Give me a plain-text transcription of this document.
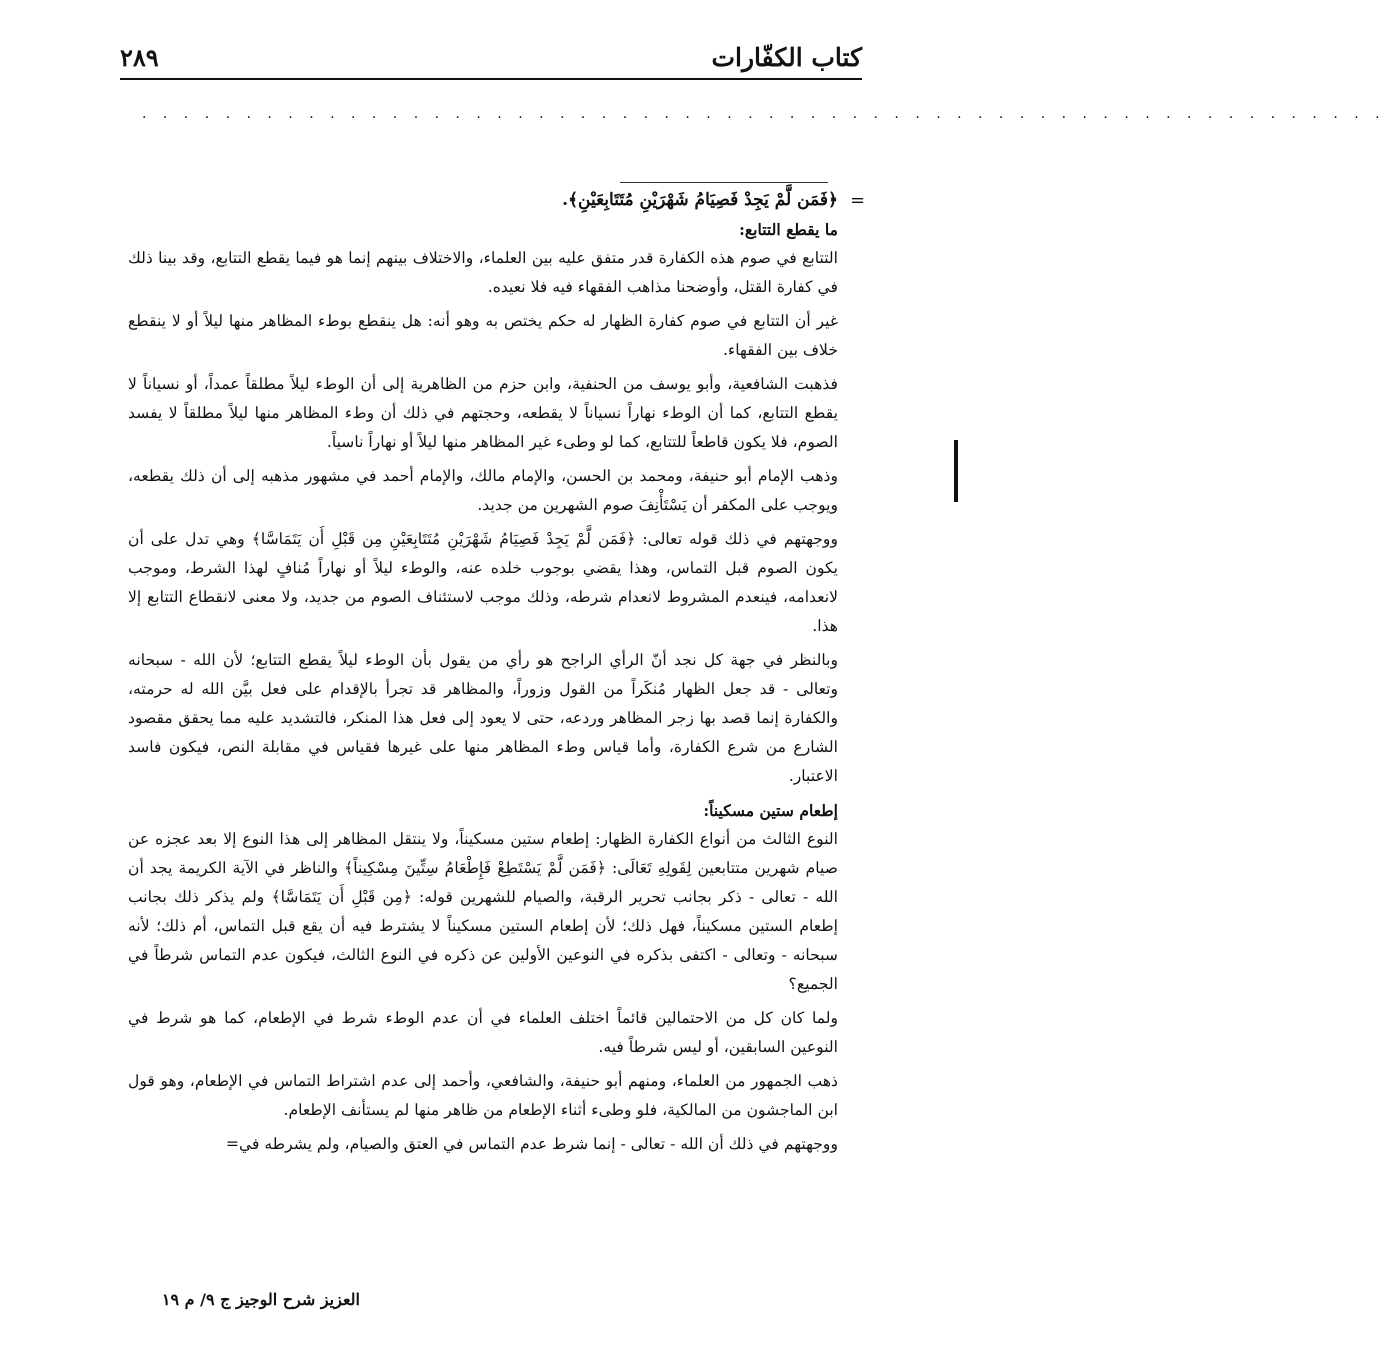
كتاب الكفّارات
٢٨٩
. . . . . . . . . . . . . . . . . . . . . . . . . . . . . . . . . . . . . . . . . . . . . . . . . . . . . . . . . . . .
=

﴿فَمَن لَّمْ يَجِدْ فَصِيَامُ شَهْرَيْنِ مُتَتَابِعَيْنِ﴾.

ما يقطع التتابع:

التتابع في صوم هذه الكفارة قدر متفق عليه بين العلماء، والاختلاف بينهم إنما هو فيما يقطع التتابع، وقد بينا ذلك في كفارة القتل، وأوضحنا مذاهب الفقهاء فيه فلا نعيده.

غير أن التتابع في صوم كفارة الظهار له حكم يختص به وهو أنه: هل ينقطع بوطء المظاهر منها ليلاً أو لا ينقطع خلاف بين الفقهاء.

فذهبت الشافعية، وأبو يوسف من الحنفية، وابن حزم من الظاهرية إلى أن الوطء ليلاً مطلقاً عمداً، أو نسياناً لا يقطع التتابع، كما أن الوطء نهاراً نسياناً لا يقطعه، وحجتهم في ذلك أن وطء المظاهر منها ليلاً مطلقاً لا يفسد الصوم، فلا يكون قاطعاً للتتابع، كما لو وطىء غير المظاهر منها ليلاً أو نهاراً ناسياً.

وذهب الإمام أبو حنيفة، ومحمد بن الحسن، والإمام مالك، والإمام أحمد في مشهور مذهبه إلى أن ذلك يقطعه، ويوجب على المكفر أن يَسْتَأْنِفَ صوم الشهرين من جديد.

ووجهتهم في ذلك قوله تعالى: ﴿فَمَن لَّمْ يَجِدْ فَصِيَامُ شَهْرَيْنِ مُتَتَابِعَيْنِ مِن قَبْلِ أَن يَتَمَاسَّا﴾ وهي تدل على أن يكون الصوم قبل التماس، وهذا يقضي بوجوب خلده عنه، والوطء ليلاً أو نهاراً مُنافٍ لهذا الشرط، وموجب لانعدامه، فينعدم المشروط لانعدام شرطه، وذلك موجب لاستئناف الصوم من جديد، ولا معنى لانقطاع التتابع إلا هذا.

وبالنظر في جهة كل نجد أنّ الرأي الراجح هو رأي من يقول بأن الوطء ليلاً يقطع التتابع؛ لأن الله - سبحانه وتعالى - قد جعل الظهار مُنكَراً من القول وزوراً، والمظاهر قد تجرأ بالإقدام على فعل بيَّن الله له حرمته، والكفارة إنما قصد بها زجر المظاهر وردعه، حتى لا يعود إلى فعل هذا المنكر، فالتشديد عليه مما يحقق مقصود الشارع من شرع الكفارة، وأما قياس وطء المظاهر منها على غيرها فقياس في مقابلة النص، فيكون فاسد الاعتبار.

إطعام ستين مسكيناً:

النوع الثالث من أنواع الكفارة الظهار: إطعام ستين مسكيناً، ولا ينتقل المظاهر إلى هذا النوع إلا بعد عجزه عن صيام شهرين متتابعين لِقَولِهِ تَعَالَى: ﴿فَمَن لَّمْ يَسْتَطِعْ فَإِطْعَامُ سِتِّينَ مِسْكِيناً﴾ والناظر في الآية الكريمة يجد أن الله - تعالى - ذكر بجانب تحرير الرقبة، والصيام للشهرين قوله: ﴿مِن قَبْلِ أَن يَتَمَاسَّا﴾ ولم يذكر ذلك بجانب إطعام الستين مسكيناً، فهل ذلك؛ لأن إطعام الستين مسكيناً لا يشترط فيه أن يقع قبل التماس، أم ذلك؛ لأنه سبحانه - وتعالى - اكتفى بذكره في النوعين الأولين عن ذكره في النوع الثالث، فيكون عدم التماس شرطاً في الجميع؟

ولما كان كل من الاحتمالين قائماً اختلف العلماء في أن عدم الوطء شرط في الإطعام، كما هو شرط في النوعين السابقين، أو ليس شرطاً فيه.

ذهب الجمهور من العلماء، ومنهم أبو حنيفة، والشافعي، وأحمد إلى عدم اشتراط التماس في الإطعام، وهو قول ابن الماجشون من المالكية، فلو وطىء أثناء الإطعام من ظاهر منها لم يستأنف الإطعام.

ووجهتهم في ذلك أن الله - تعالى - إنما شرط عدم التماس في العتق والصيام، ولم يشرطه في=

العزيز شرح الوجيز ج ٩/ م ١٩
